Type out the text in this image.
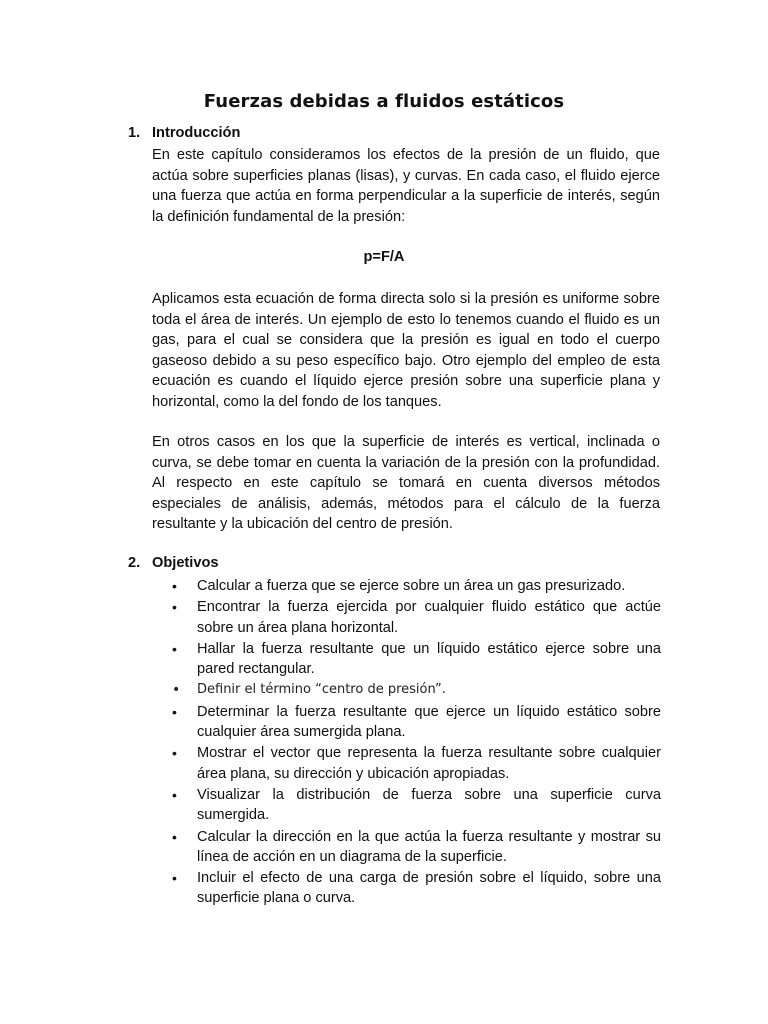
Fuerzas debidas a fluidos estáticos
1. Introducción
En este capítulo consideramos los efectos de la presión de un fluido, que actúa sobre superficies planas (lisas), y curvas. En cada caso, el fluido ejerce una fuerza que actúa en forma perpendicular a la superficie de interés, según la definición fundamental de la presión:
p=F/A
Aplicamos esta ecuación de forma directa solo si la presión es uniforme sobre toda el área de interés. Un ejemplo de esto lo tenemos cuando el fluido es un gas, para el cual se considera que la presión es igual en todo el cuerpo gaseoso debido a su peso específico bajo. Otro ejemplo del empleo de esta ecuación es cuando el líquido ejerce presión sobre una superficie plana y horizontal, como la del fondo de los tanques.
En otros casos en los que la superficie de interés es vertical, inclinada o curva, se debe tomar en cuenta la variación de la presión con la profundidad. Al respecto en este capítulo se tomará en cuenta diversos métodos especiales de análisis, además, métodos para el cálculo de la fuerza resultante y la ubicación del centro de presión.
2. Objetivos
• Calcular a fuerza que se ejerce sobre un área un gas presurizado.
• Encontrar la fuerza ejercida por cualquier fluido estático que actúe sobre un área plana horizontal.
• Hallar la fuerza resultante que un líquido estático ejerce sobre una pared rectangular.
• Definir el término “centro de presión”.
• Determinar la fuerza resultante que ejerce un líquido estático sobre cualquier área sumergida plana.
• Mostrar el vector que representa la fuerza resultante sobre cualquier área plana, su dirección y ubicación apropiadas.
• Visualizar la distribución de fuerza sobre una superficie curva sumergida.
• Calcular la dirección en la que actúa la fuerza resultante y mostrar su línea de acción en un diagrama de la superficie.
• Incluir el efecto de una carga de presión sobre el líquido, sobre una superficie plana o curva.
